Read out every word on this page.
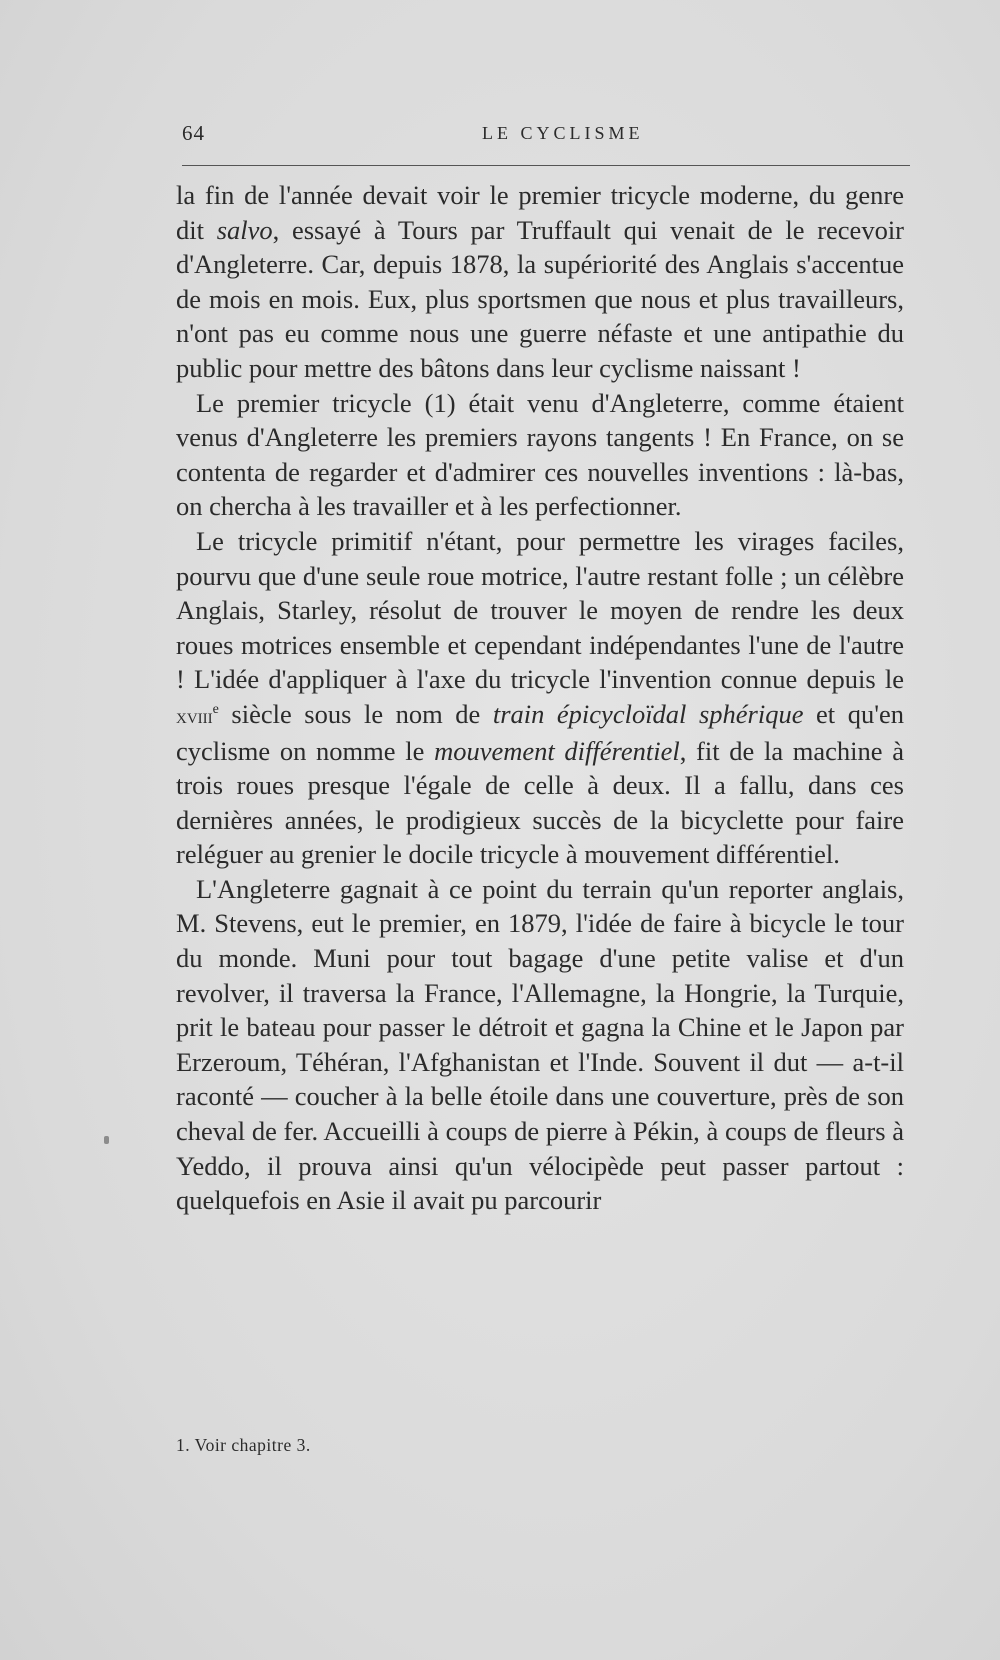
64	LE CYCLISME

la fin de l'année devait voir le premier tricycle moderne, du genre dit salvo, essayé à Tours par Truffault qui venait de le recevoir d'Angleterre. Car, depuis 1878, la supériorité des Anglais s'accentue de mois en mois. Eux, plus sportsmen que nous et plus travailleurs, n'ont pas eu comme nous une guerre néfaste et une antipathie du public pour mettre des bâtons dans leur cyclisme naissant !

Le premier tricycle (1) était venu d'Angleterre, comme étaient venus d'Angleterre les premiers rayons tangents ! En France, on se contenta de regarder et d'admirer ces nouvelles inventions : là-bas, on chercha à les travailler et à les perfectionner.

Le tricycle primitif n'étant, pour permettre les virages faciles, pourvu que d'une seule roue motrice, l'autre restant folle ; un célèbre Anglais, Starley, résolut de trouver le moyen de rendre les deux roues motrices ensemble et cependant indépendantes l'une de l'autre ! L'idée d'appliquer à l'axe du tricycle l'invention connue depuis le xviii$^e$ siècle sous le nom de train épicycloïdal sphérique et qu'en cyclisme on nomme le mouvement différentiel, fit de la machine à trois roues presque l'égale de celle à deux. Il a fallu, dans ces dernières années, le prodigieux succès de la bicyclette pour faire reléguer au grenier le docile tricycle à mouvement différentiel.

L'Angleterre gagnait à ce point du terrain qu'un reporter anglais, M. Stevens, eut le premier, en 1879, l'idée de faire à bicycle le tour du monde. Muni pour tout bagage d'une petite valise et d'un revolver, il traversa la France, l'Allemagne, la Hongrie, la Turquie, prit le bateau pour passer le détroit et gagna la Chine et le Japon par Erzeroum, Téhéran, l'Afghanistan et l'Inde. Souvent il dut — a-t-il raconté — coucher à la belle étoile dans une couverture, près de son cheval de fer. Accueilli à coups de pierre à Pékin, à coups de fleurs à Yeddo, il prouva ainsi qu'un vélocipède peut passer partout : quelquefois en Asie il avait pu parcourir

1. Voir chapitre 3.
